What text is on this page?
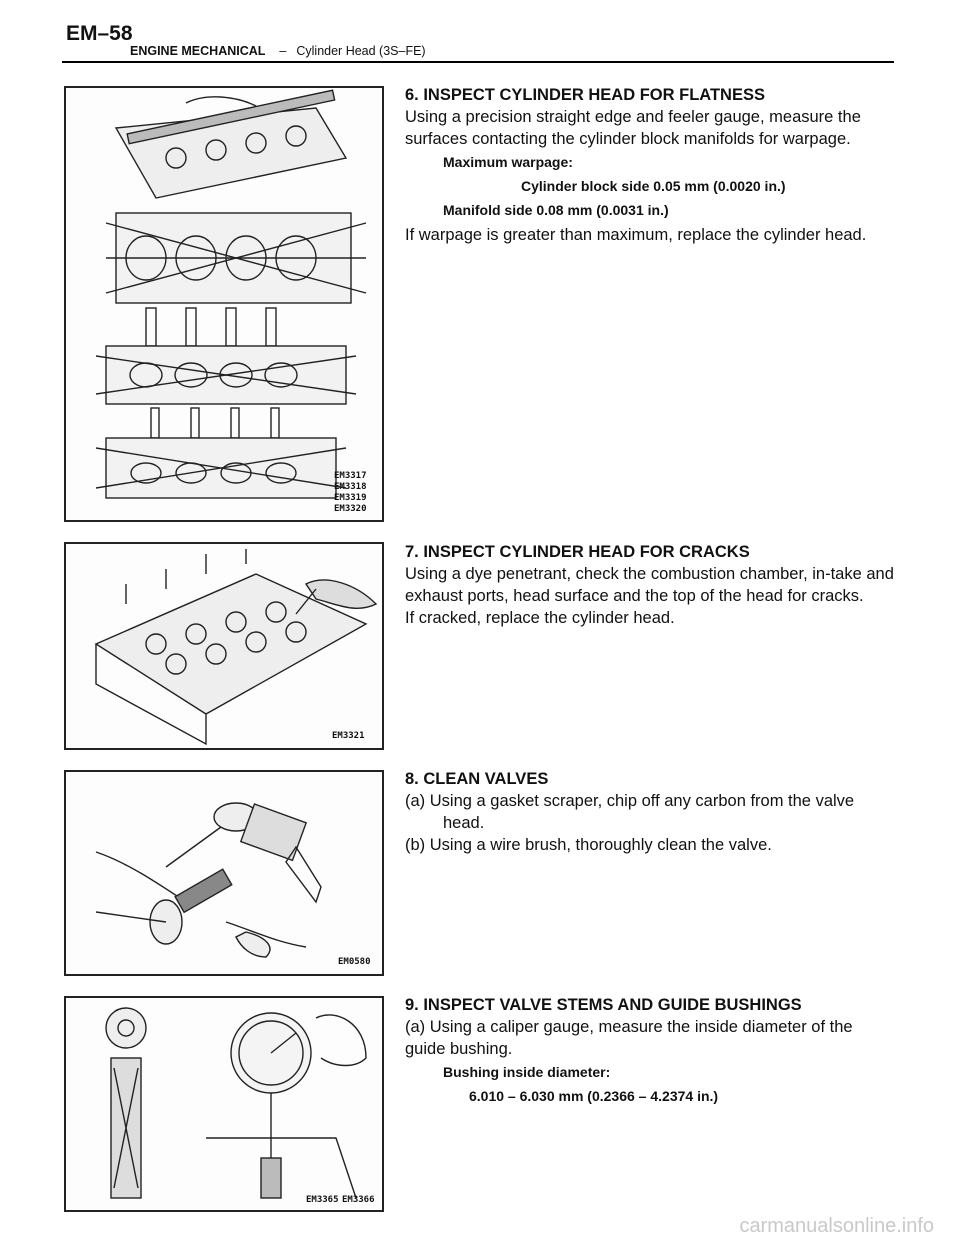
EM–58
ENGINE MECHANICAL – Cylinder Head (3S–FE)
EM3317
EM3318
EM3319
EM3320

6. INSPECT CYLINDER HEAD FOR FLATNESS

Using a precision straight edge and feeler gauge, measure the surfaces contacting the cylinder block manifolds for warpage.

Maximum warpage:

Cylinder block side 0.05 mm (0.0020 in.)

Manifold side 0.08 mm (0.0031 in.)

If warpage is greater than maximum, replace the cylinder head.

EM3321

7. INSPECT CYLINDER HEAD FOR CRACKS

Using a dye penetrant, check the combustion chamber, in-take and exhaust ports, head surface and the top of the head for cracks.

If cracked, replace the cylinder head.

EM0580

8. CLEAN VALVES

(a) Using a gasket scraper, chip off any carbon from the valve

head.

(b) Using a wire brush, thoroughly clean the valve.

EM3365 EM3366

9. INSPECT VALVE STEMS AND GUIDE BUSHINGS

(a) Using a caliper gauge, measure the inside diameter of the guide bushing.

Bushing inside diameter:

6.010 – 6.030 mm (0.2366 – 4.2374 in.)

carmanualsonline.info
